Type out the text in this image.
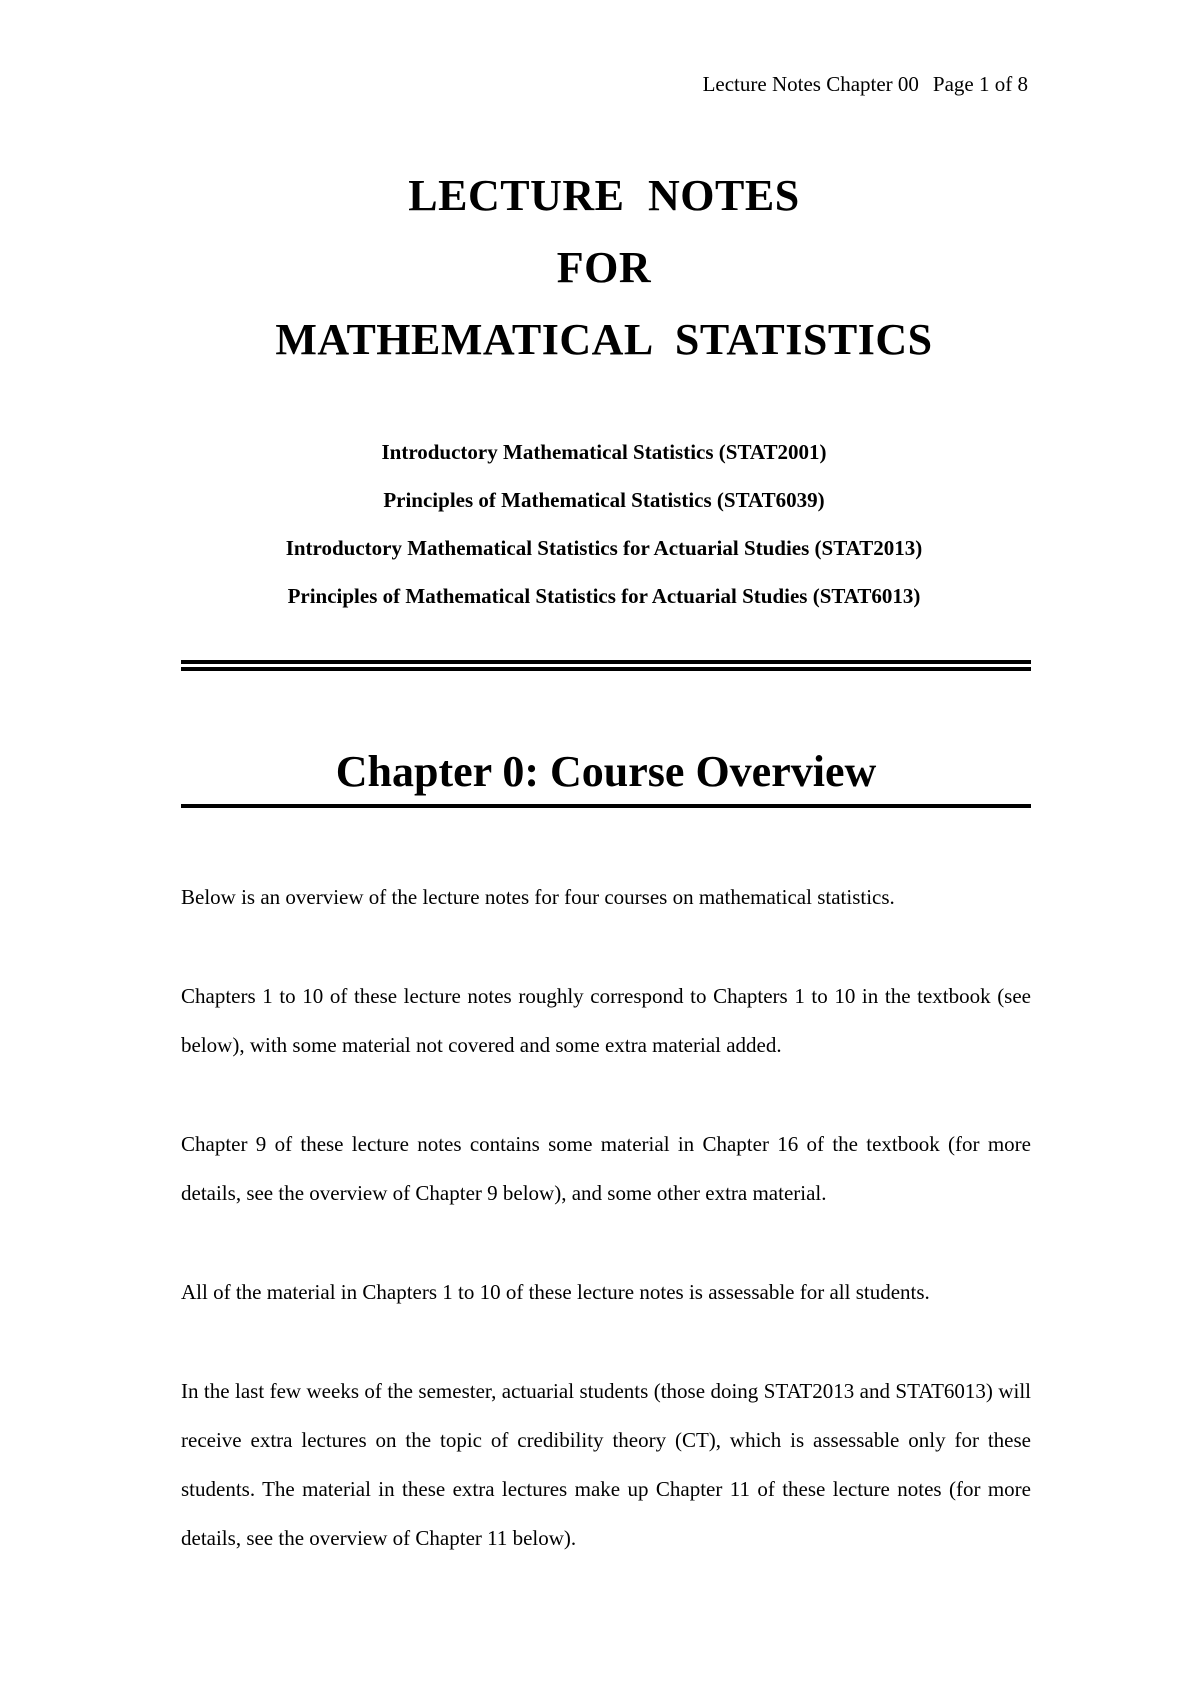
Lecture Notes Chapter 00 Page 1 of 8
LECTURE NOTES
FOR
MATHEMATICAL STATISTICS
Introductory Mathematical Statistics (STAT2001)
Principles of Mathematical Statistics (STAT6039)
Introductory Mathematical Statistics for Actuarial Studies (STAT2013)
Principles of Mathematical Statistics for Actuarial Studies (STAT6013)
Chapter 0: Course Overview

Below is an overview of the lecture notes for four courses on mathematical statistics.

Chapters 1 to 10 of these lecture notes roughly correspond to Chapters 1 to 10 in the textbook (see below), with some material not covered and some extra material added.

Chapter 9 of these lecture notes contains some material in Chapter 16 of the textbook (for more details, see the overview of Chapter 9 below), and some other extra material.

All of the material in Chapters 1 to 10 of these lecture notes is assessable for all students.

In the last few weeks of the semester, actuarial students (those doing STAT2013 and STAT6013) will receive extra lectures on the topic of credibility theory (CT), which is assessable only for these students. The material in these extra lectures make up Chapter 11 of these lecture notes (for more details, see the overview of Chapter 11 below).
